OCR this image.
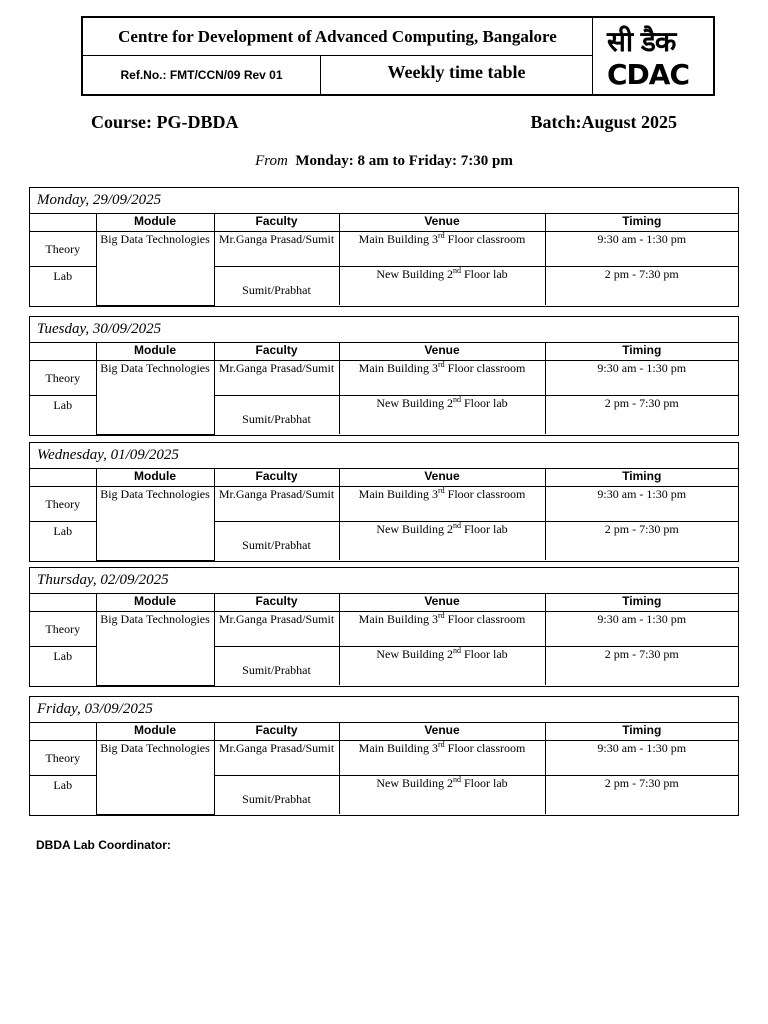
Centre for Development of Advanced Computing, Bangalore
Ref.No.: FMT/CCN/09 Rev 01	Weekly time table
सी डैक
CDAC
Course: PG-DBDA	Batch:August 2025
From Monday: 8 am to Friday: 7:30 pm
Monday, 29/09/2025
	Module	Faculty	Venue	Timing
Theory	Big Data Technologies	Mr.Ganga Prasad/Sumit	Main Building 3rd Floor classroom	9:30 am - 1:30 pm
Lab		Sumit/Prabhat	New Building 2nd Floor lab	2 pm - 7:30 pm
Tuesday, 30/09/2025
	Module	Faculty	Venue	Timing
Theory	Big Data Technologies	Mr.Ganga Prasad/Sumit	Main Building 3rd Floor classroom	9:30 am - 1:30 pm
Lab		Sumit/Prabhat	New Building 2nd Floor lab	2 pm - 7:30 pm
Wednesday, 01/09/2025
	Module	Faculty	Venue	Timing
Theory	Big Data Technologies	Mr.Ganga Prasad/Sumit	Main Building 3rd Floor classroom	9:30 am - 1:30 pm
Lab		Sumit/Prabhat	New Building 2nd Floor lab	2 pm - 7:30 pm
Thursday, 02/09/2025
	Module	Faculty	Venue	Timing
Theory	Big Data Technologies	Mr.Ganga Prasad/Sumit	Main Building 3rd Floor classroom	9:30 am - 1:30 pm
Lab		Sumit/Prabhat	New Building 2nd Floor lab	2 pm - 7:30 pm
Friday, 03/09/2025
	Module	Faculty	Venue	Timing
Theory	Big Data Technologies	Mr.Ganga Prasad/Sumit	Main Building 3rd Floor classroom	9:30 am - 1:30 pm
Lab		Sumit/Prabhat	New Building 2nd Floor lab	2 pm - 7:30 pm
DBDA Lab Coordinator:
